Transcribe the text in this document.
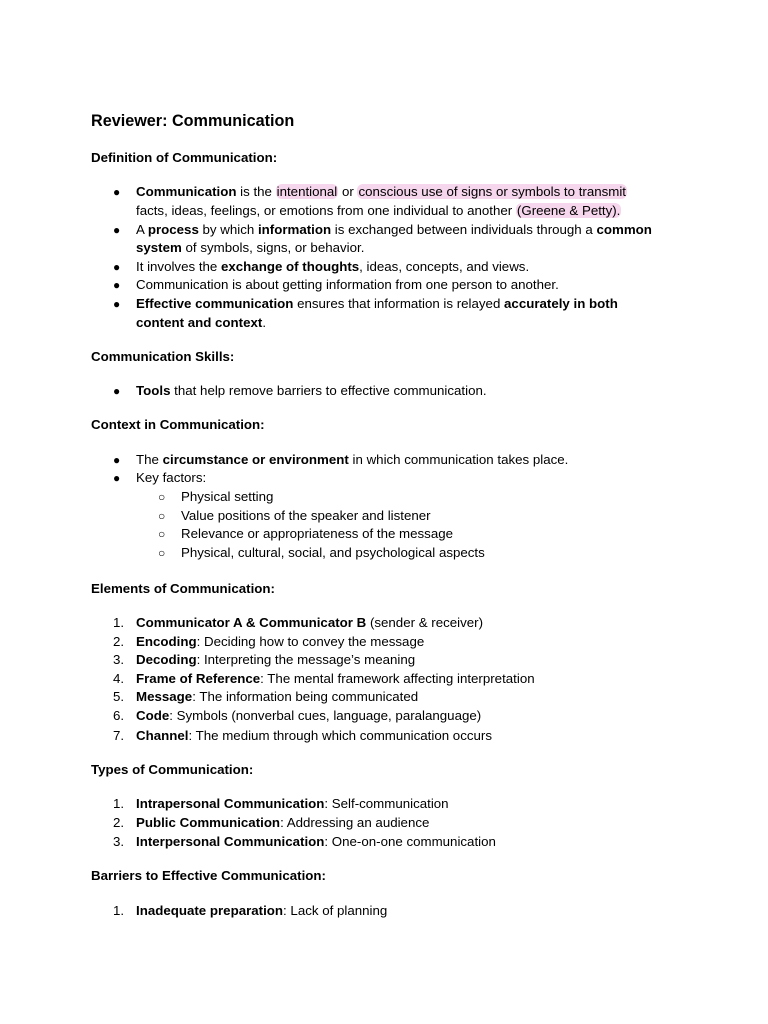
Reviewer: Communication
Definition of Communication:
● Communication is the intentional or conscious use of signs or symbols to transmit
facts, ideas, feelings, or emotions from one individual to another (Greene & Petty).
● A process by which information is exchanged between individuals through a common
system of symbols, signs, or behavior.
● It involves the exchange of thoughts, ideas, concepts, and views.
● Communication is about getting information from one person to another.
● Effective communication ensures that information is relayed accurately in both
content and context.
Communication Skills:
● Tools that help remove barriers to effective communication.
Context in Communication:
● The circumstance or environment in which communication takes place.
● Key factors:
○ Physical setting
○ Value positions of the speaker and listener
○ Relevance or appropriateness of the message
○ Physical, cultural, social, and psychological aspects
Elements of Communication:
1. Communicator A & Communicator B (sender & receiver)
2. Encoding: Deciding how to convey the message
3. Decoding: Interpreting the message’s meaning
4. Frame of Reference: The mental framework affecting interpretation
5. Message: The information being communicated
6. Code: Symbols (nonverbal cues, language, paralanguage)
7. Channel: The medium through which communication occurs
Types of Communication:
1. Intrapersonal Communication: Self-communication
2. Public Communication: Addressing an audience
3. Interpersonal Communication: One-on-one communication
Barriers to Effective Communication:
1. Inadequate preparation: Lack of planning
